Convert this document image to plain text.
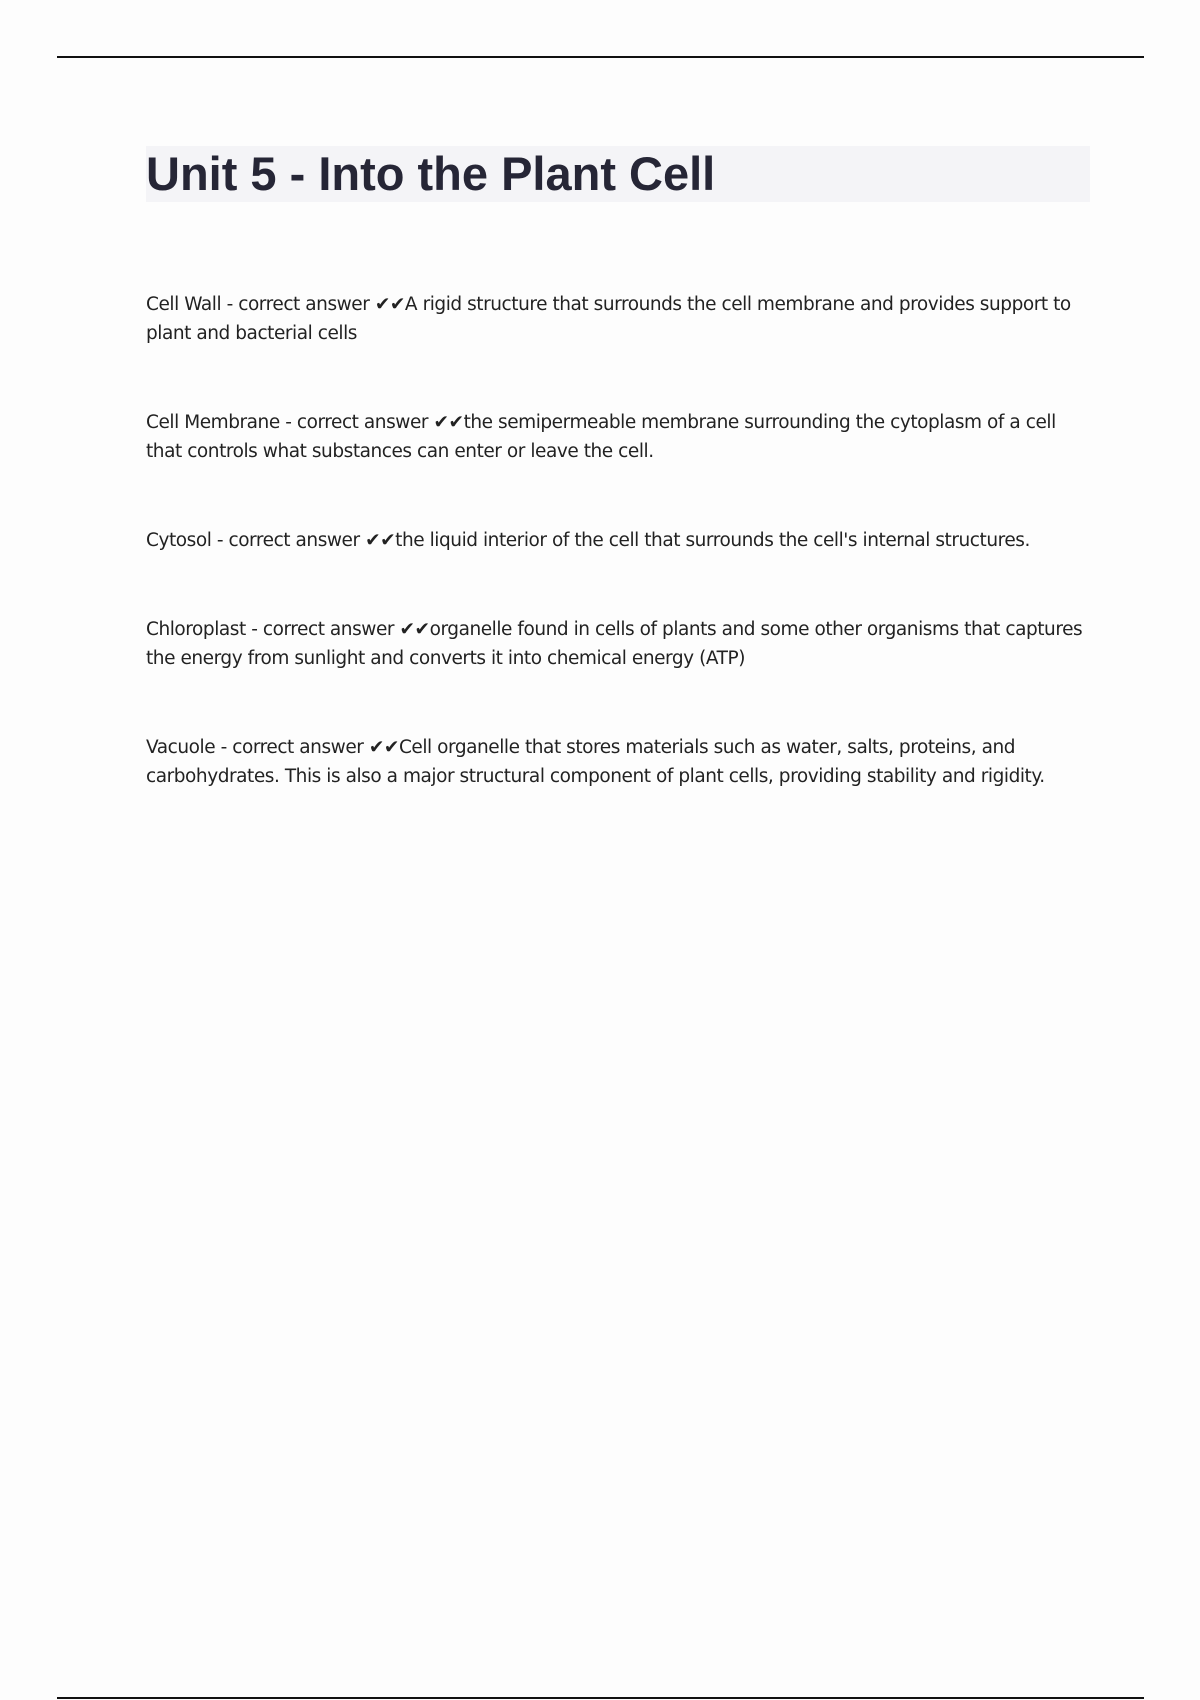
Unit 5 - Into the Plant Cell

Cell Wall - correct answer ✔✔A rigid structure that surrounds the cell membrane and provides support to plant and bacterial cells

Cell Membrane - correct answer ✔✔the semipermeable membrane surrounding the cytoplasm of a cell that controls what substances can enter or leave the cell.

Cytosol - correct answer ✔✔the liquid interior of the cell that surrounds the cell's internal structures.

Chloroplast - correct answer ✔✔organelle found in cells of plants and some other organisms that captures the energy from sunlight and converts it into chemical energy (ATP)

Vacuole - correct answer ✔✔Cell organelle that stores materials such as water, salts, proteins, and carbohydrates. This is also a major structural component of plant cells, providing stability and rigidity.
